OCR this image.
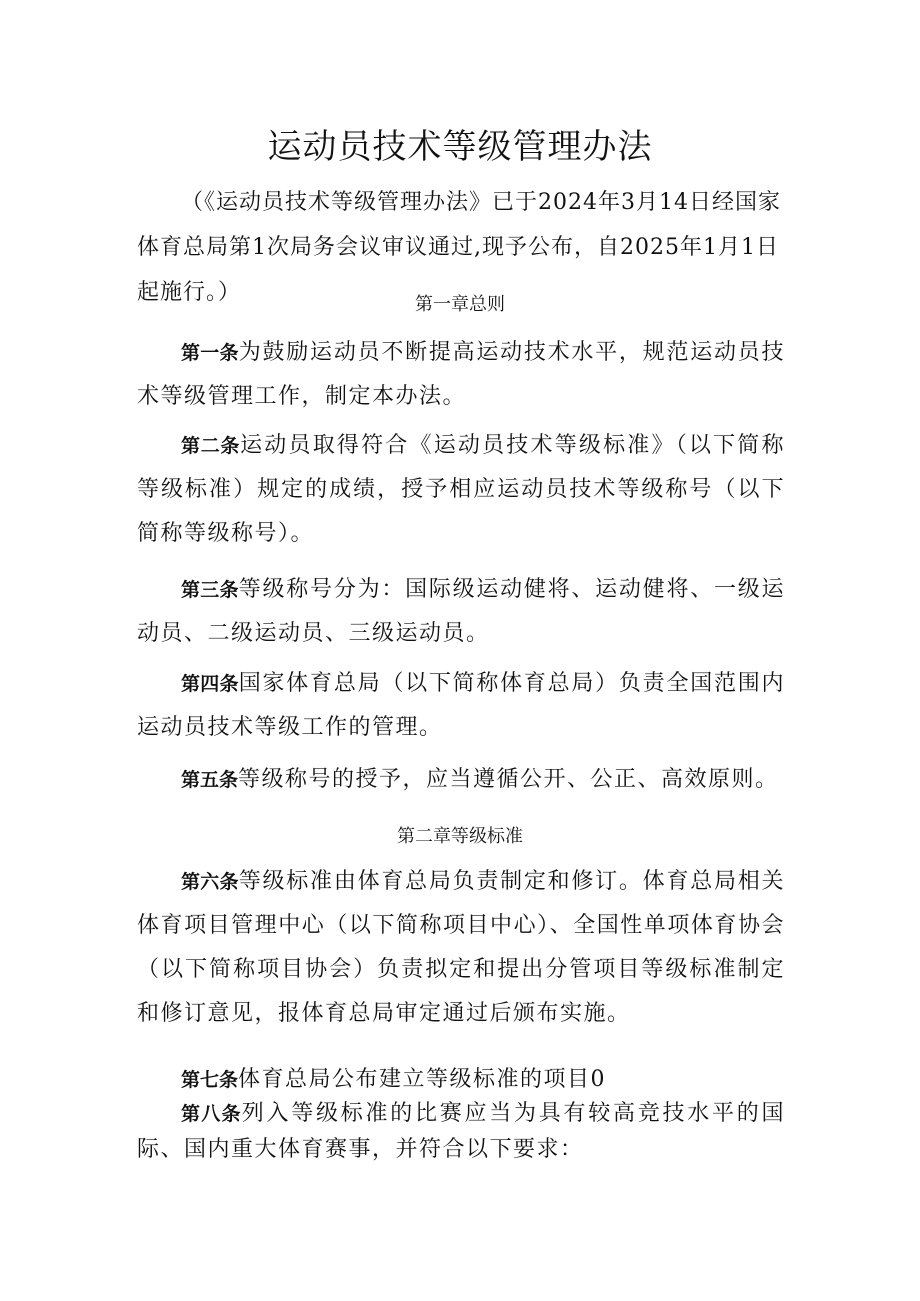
运动员技术等级管理办法

（《运动员技术等级管理办法》已于2024年3月14日经国家体育总局第1次局务会议审议通过,现予公布，自2025年1月1日起施行。）	第一章总则

第一条为鼓励运动员不断提高运动技术水平，规范运动员技术等级管理工作，制定本办法。

第二条运动员取得符合《运动员技术等级标准》（以下简称等级标准）规定的成绩，授予相应运动员技术等级称号（以下简称等级称号）。

第三条等级称号分为：国际级运动健将、运动健将、一级运动员、二级运动员、三级运动员。

第四条国家体育总局（以下简称体育总局）负责全国范围内运动员技术等级工作的管理。

第五条等级称号的授予，应当遵循公开、公正、高效原则。

第二章等级标准

第六条等级标准由体育总局负责制定和修订。体育总局相关体育项目管理中心（以下简称项目中心）、全国性单项体育协会（以下简称项目协会）负责拟定和提出分管项目等级标准制定和修订意见，报体育总局审定通过后颁布实施。

第七条体育总局公布建立等级标准的项目0

第八条列入等级标准的比赛应当为具有较高竞技水平的国际、国内重大体育赛事，并符合以下要求：
